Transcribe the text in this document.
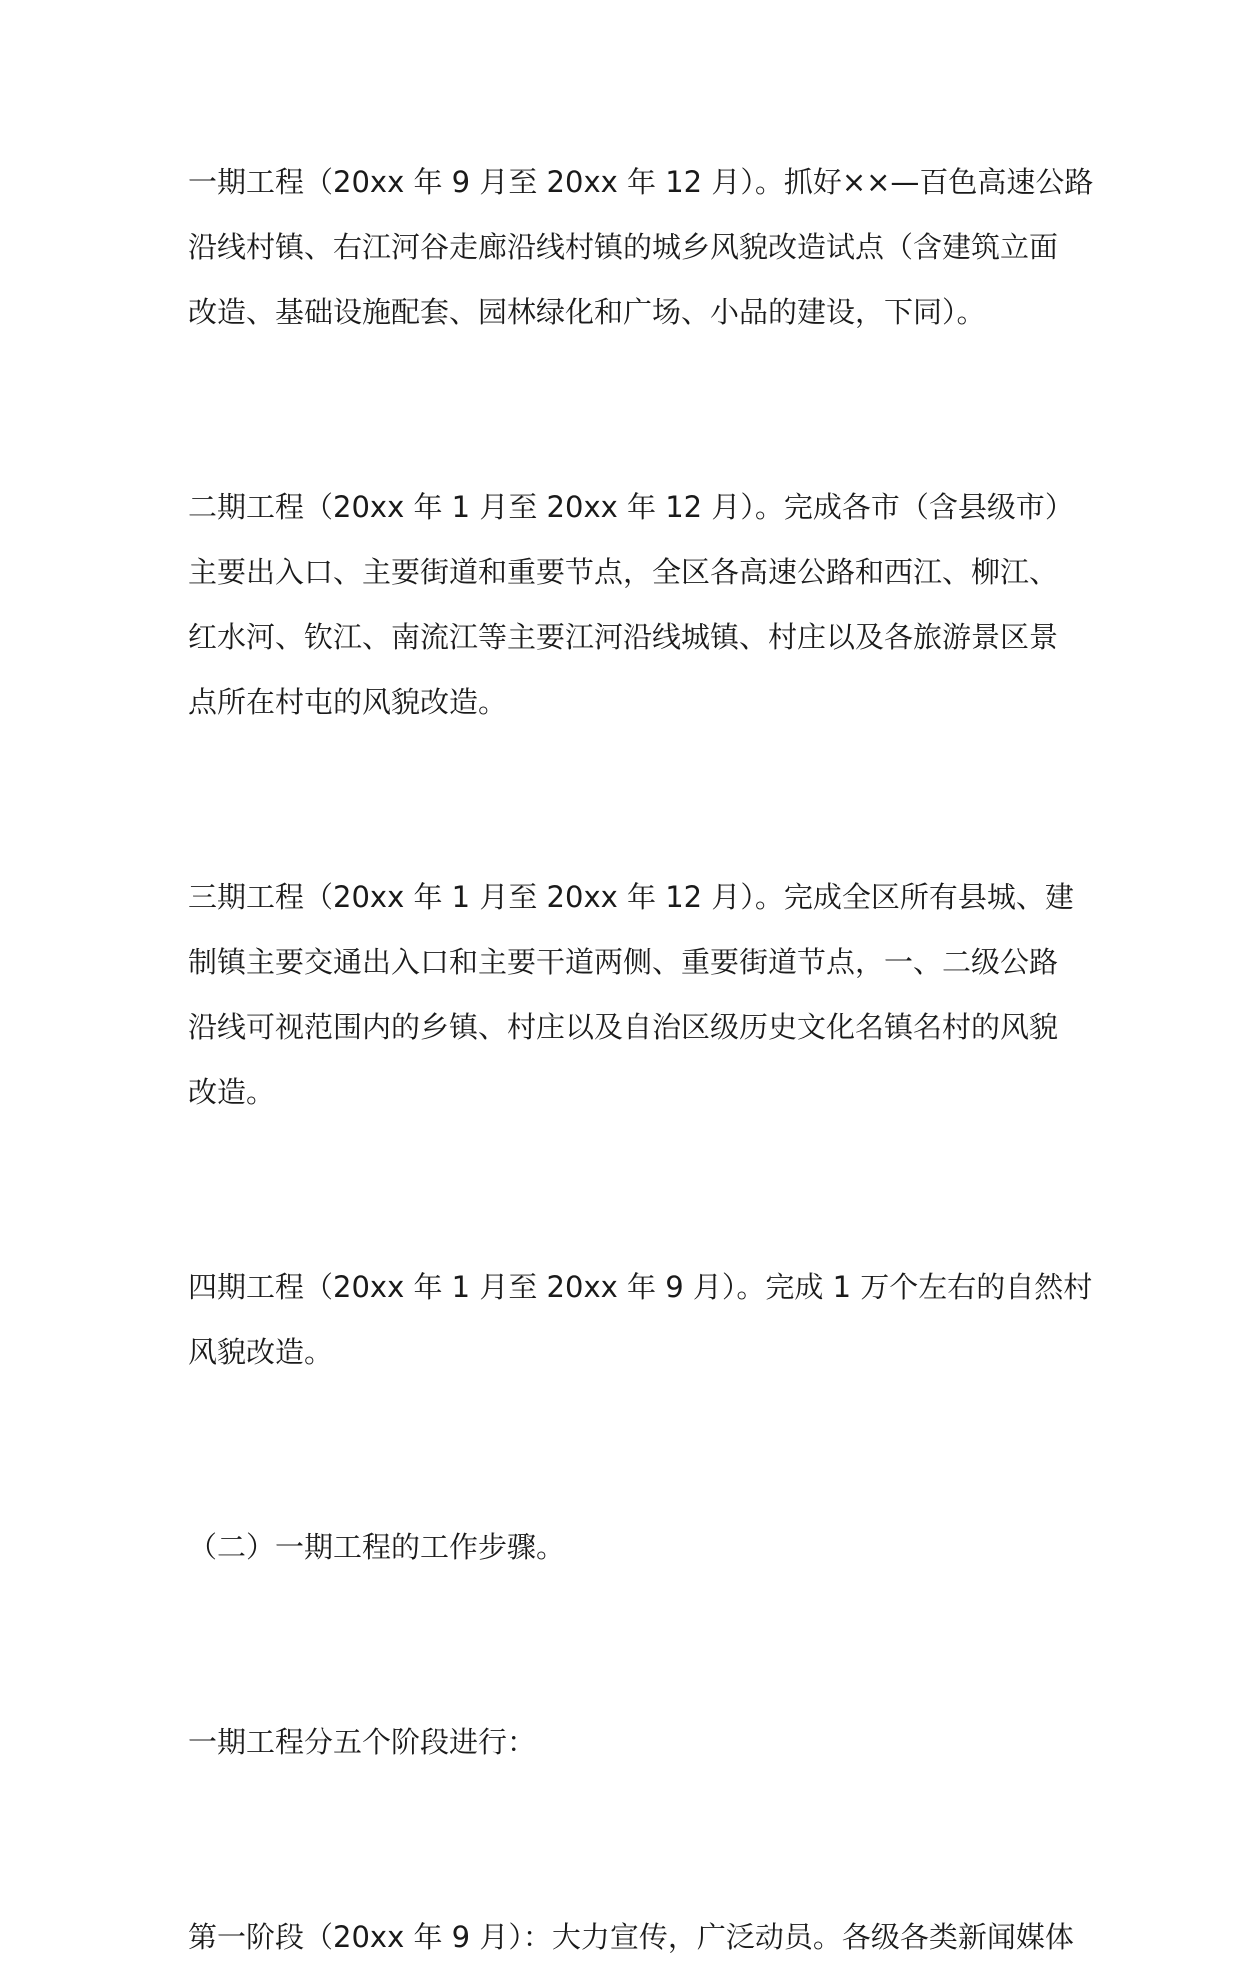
一期工程（20xx 年 9 月至 20xx 年 12 月）。抓好××—百色高速公路
沿线村镇、右江河谷走廊沿线村镇的城乡风貌改造试点（含建筑立面
改造、基础设施配套、园林绿化和广场、小品的建设，下同）。
二期工程（20xx 年 1 月至 20xx 年 12 月）。完成各市（含县级市）
主要出入口、主要街道和重要节点，全区各高速公路和西江、柳江、
红水河、钦江、南流江等主要江河沿线城镇、村庄以及各旅游景区景
点所在村屯的风貌改造。
三期工程（20xx 年 1 月至 20xx 年 12 月）。完成全区所有县城、建
制镇主要交通出入口和主要干道两侧、重要街道节点，一、二级公路
沿线可视范围内的乡镇、村庄以及自治区级历史文化名镇名村的风貌
改造。
四期工程（20xx 年 1 月至 20xx 年 9 月）。完成 1 万个左右的自然村
风貌改造。
（二）一期工程的工作步骤。
一期工程分五个阶段进行：
第一阶段（20xx 年 9 月）：大力宣传，广泛动员。各级各类新闻媒体
